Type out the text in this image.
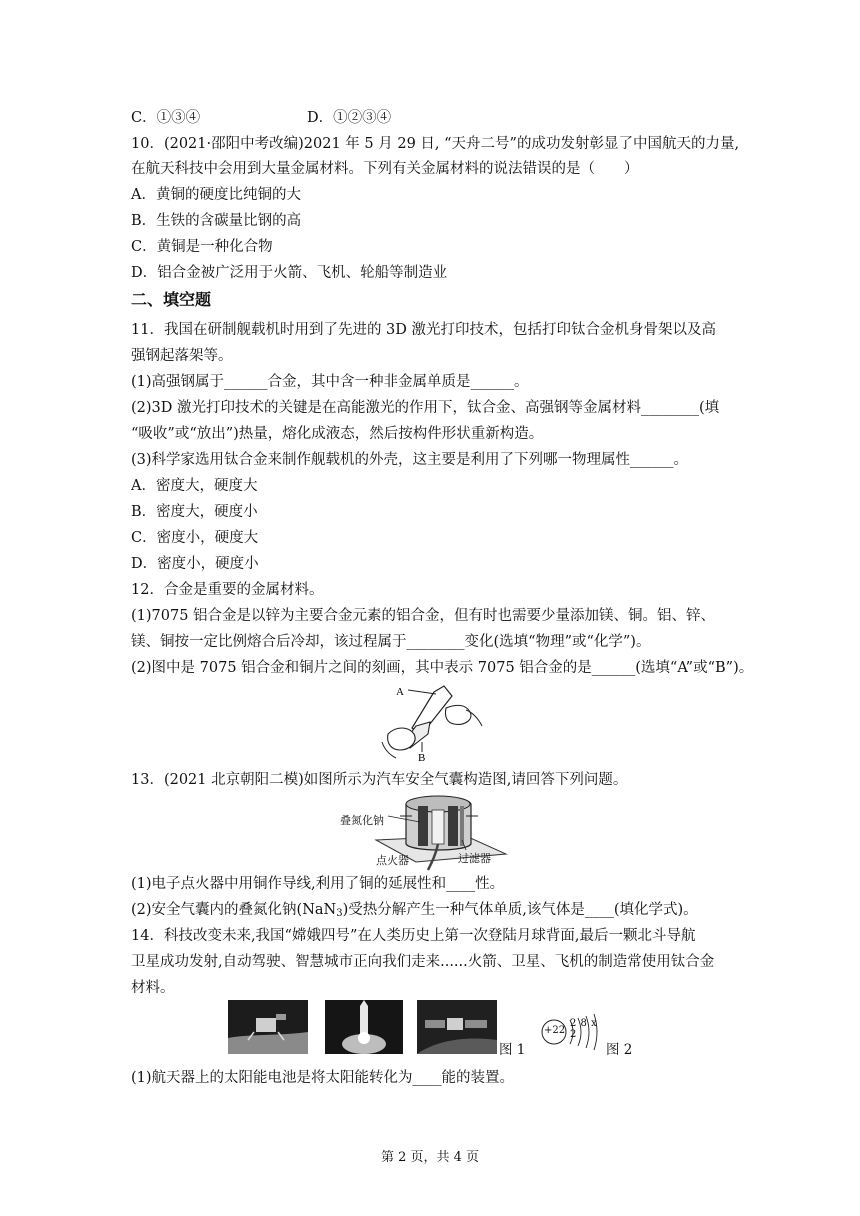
C．①③④	D．①②③④
10．(2021·邵阳中考改编)2021 年 5 月 29 日, “天舟二号”的成功发射彰显了中国航天的力量,
在航天科技中会用到大量金属材料。下列有关金属材料的说法错误的是（　　）
A．黄铜的硬度比纯铜的大
B．生铁的含碳量比钢的高
C．黄铜是一种化合物
D．铝合金被广泛用于火箭、飞机、轮船等制造业
二、填空题
11．我国在研制舰载机时用到了先进的 3D 激光打印技术，包括打印钛合金机身骨架以及高
强钢起落架等。
(1)高强钢属于______合金，其中含一种非金属单质是______。
(2)3D 激光打印技术的关键是在高能激光的作用下，钛合金、高强钢等金属材料________(填
“吸收”或“放出”)热量，熔化成液态，然后按构件形状重新构造。
(3)科学家选用钛合金来制作舰载机的外壳，这主要是利用了下列哪一物理属性______。
A．密度大，硬度大
B．密度大，硬度小
C．密度小，硬度大
D．密度小，硬度小
12．合金是重要的金属材料。
(1)7075 铝合金是以锌为主要合金元素的铝合金，但有时也需要少量添加镁、铜。铝、锌、
镁、铜按一定比例熔合后冷却，该过程属于________变化(选填“物理”或“化学”)。
(2)图中是 7075 铝合金和铜片之间的刻画，其中表示 7075 铝合金的是______(选填“A”或“B”)。
A
B
13．(2021 北京朝阳二模)如图所示为汽车安全气囊构造图,请回答下列问题。
叠氮化钠
点火器	过滤器
(1)电子点火器中用铜作导线,利用了铜的延展性和____性。
(2)安全气囊内的叠氮化钠(NaN$_3$)受热分解产生一种气体单质,该气体是____(填化学式)。
14．科技改变未来,我国“嫦娥四号”在人类历史上第一次登陆月球背面,最后一颗北斗导航
卫星成功发射,自动驾驶、智慧城市正向我们走来......火箭、卫星、飞机的制造常使用钛合金
材料。
图 1
+22
2 8 x 2
图 2
(1)航天器上的太阳能电池是将太阳能转化为____能的装置。
第 2 页，共 4 页
